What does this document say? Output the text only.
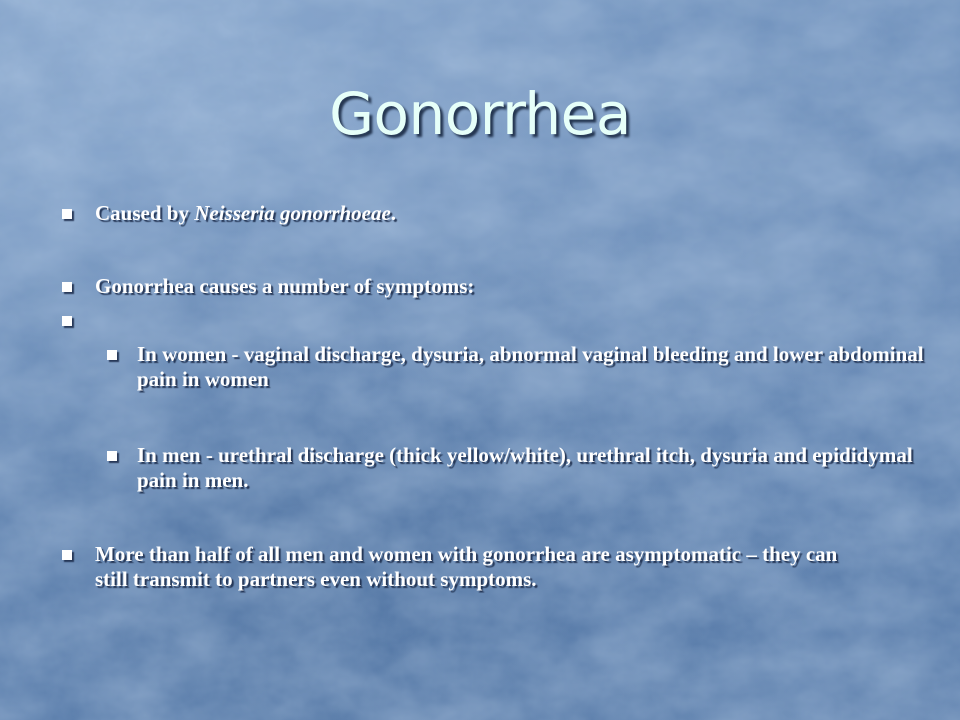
Gonorrhea
Caused by Neisseria gonorrhoeae.
Gonorrhea causes a number of symptoms:
In women - vaginal discharge, dysuria, abnormal vaginal bleeding and lower abdominal pain in women
In men - urethral discharge (thick yellow/white), urethral itch, dysuria and epididymal pain in men.
More than half of all men and women with gonorrhea are asymptomatic – they can still transmit to partners even without symptoms.
